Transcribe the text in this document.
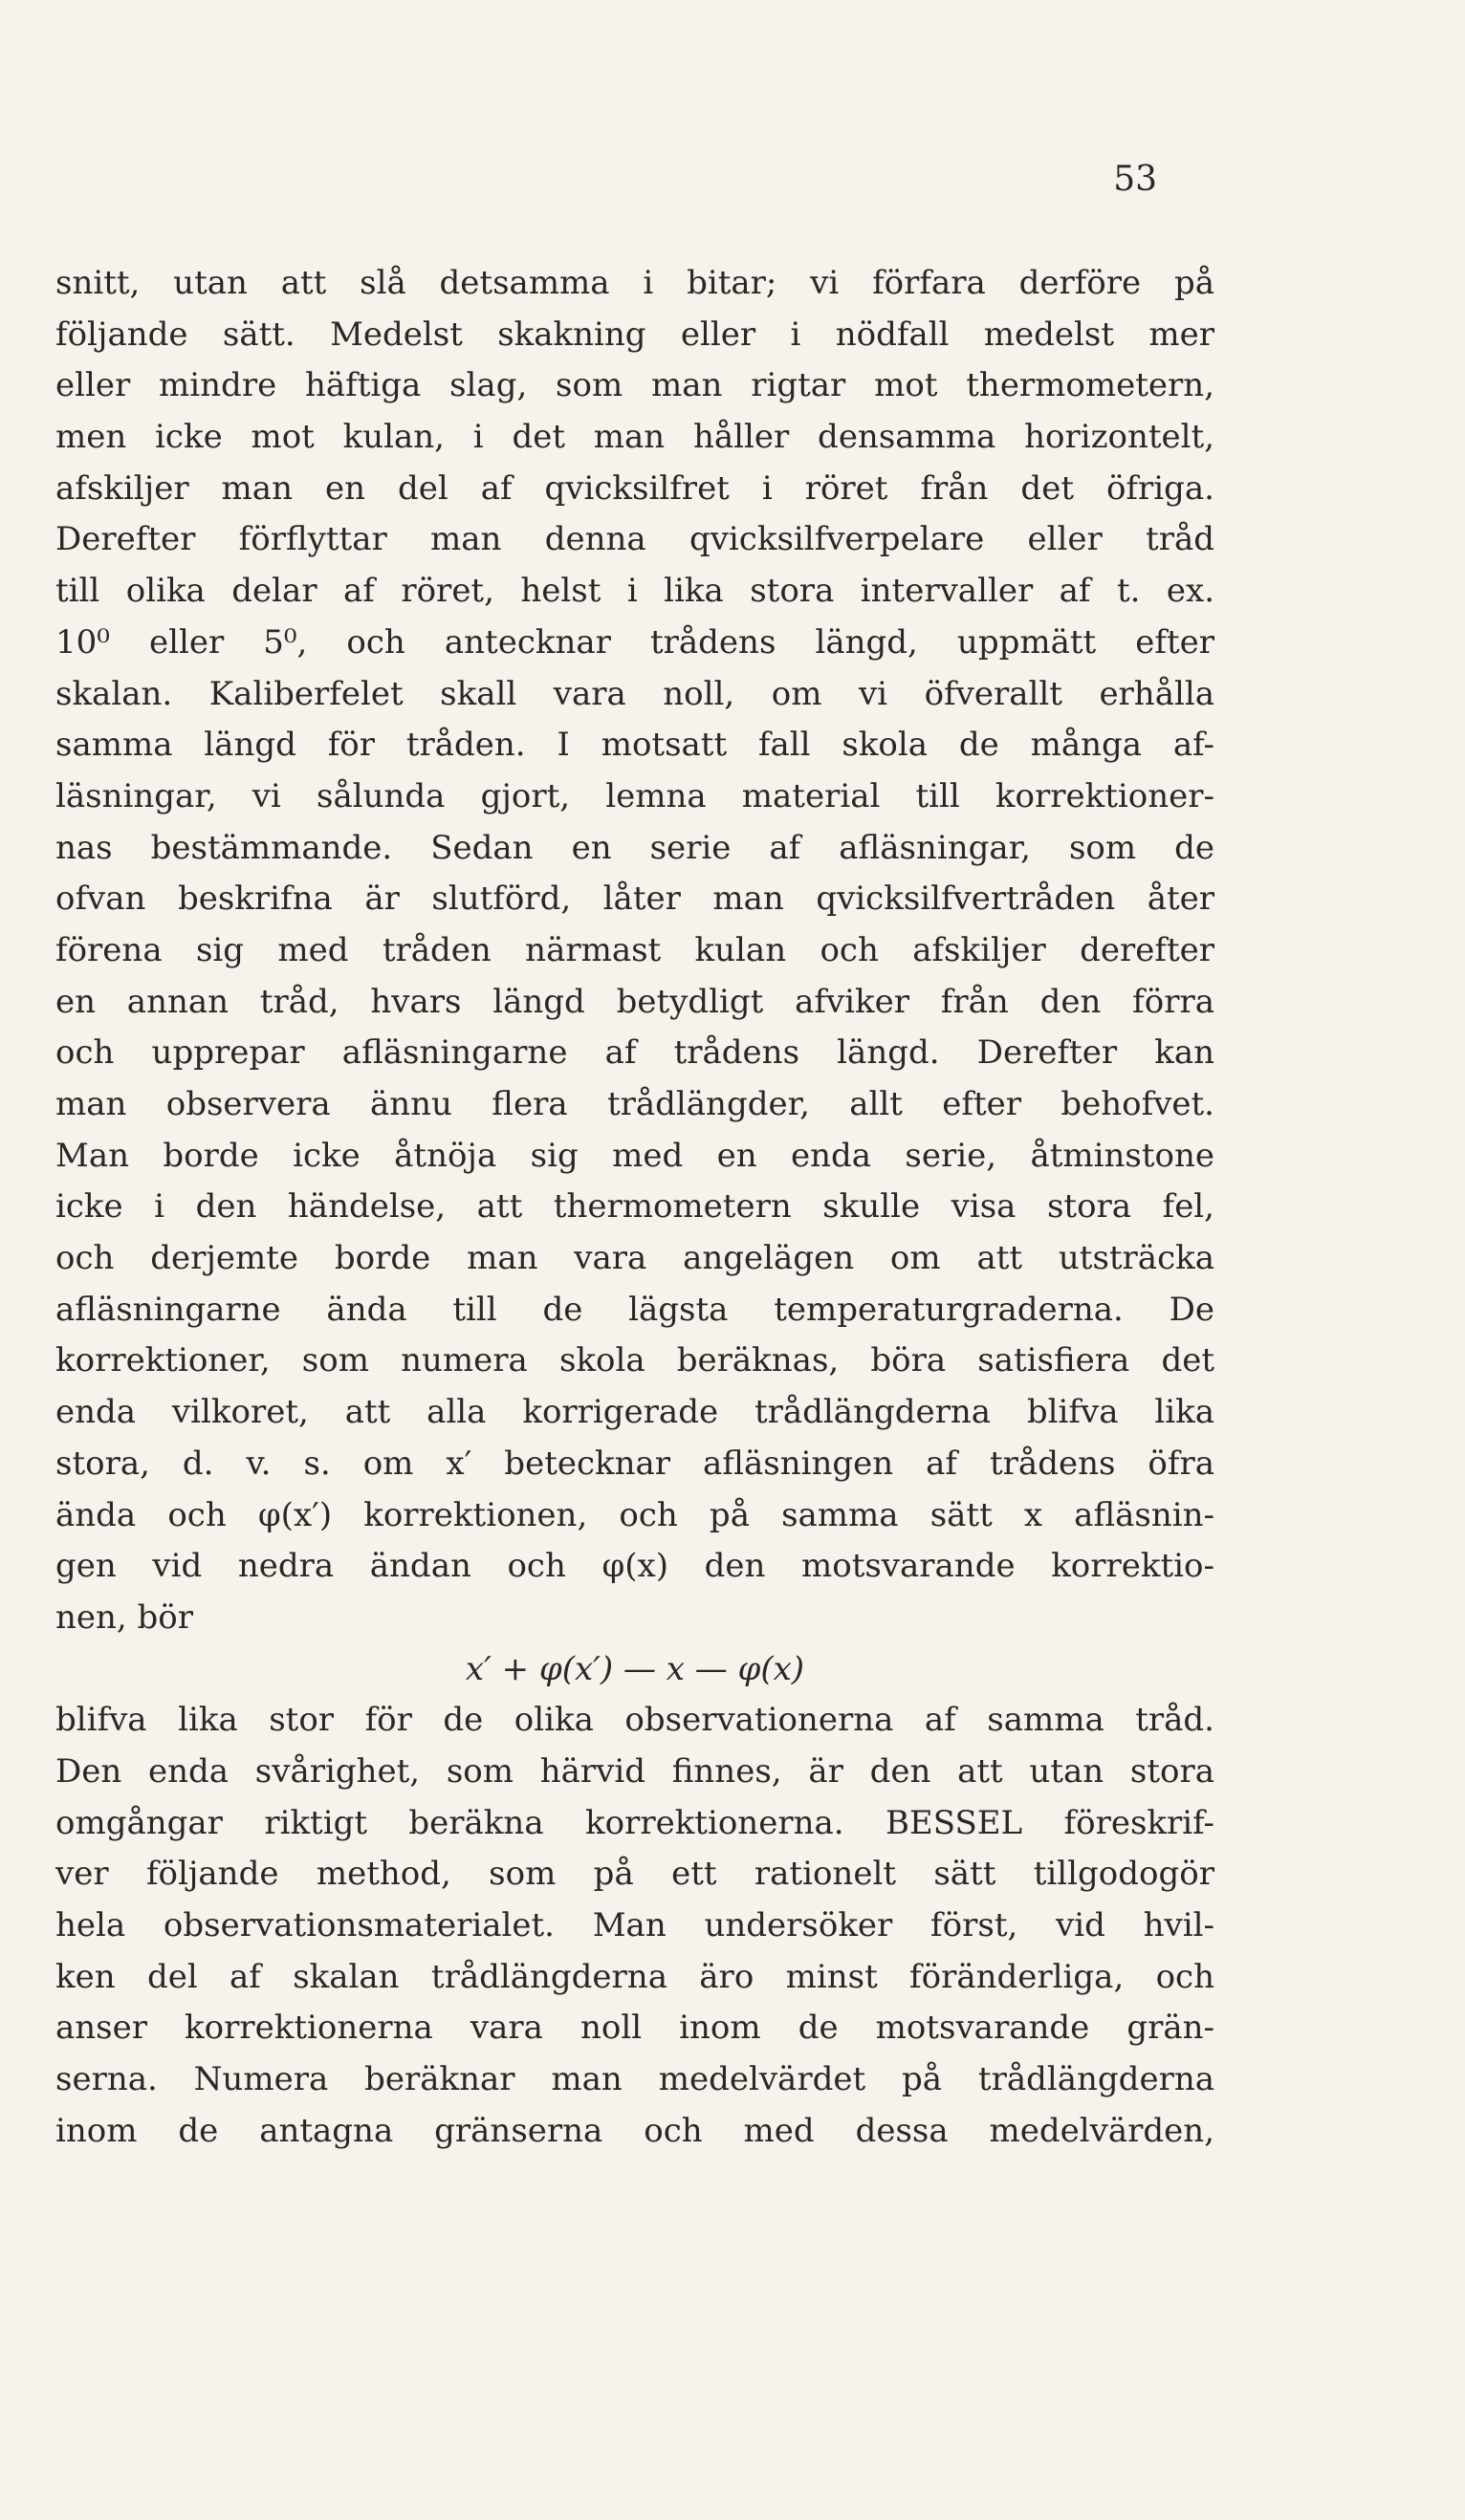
53
snitt, utan att slå detsamma i bitar; vi förfara derföre på
följande sätt. Medelst skakning eller i nödfall medelst mer
eller mindre häftiga slag, som man rigtar mot thermometern,
men icke mot kulan, i det man håller densamma horizontelt,
afskiljer man en del af qvicksilfret i röret från det öfriga.
Derefter förflyttar man denna qvicksilfverpelare eller tråd
till olika delar af röret, helst i lika stora intervaller af t. ex.
10⁰ eller 5⁰, och antecknar trådens längd, uppmätt efter
skalan. Kaliberfelet skall vara noll, om vi öfverallt erhålla
samma längd för tråden. I motsatt fall skola de många af-
läsningar, vi sålunda gjort, lemna material till korrektioner-
nas bestämmande. Sedan en serie af afläsningar, som de
ofvan beskrifna är slutförd, låter man qvicksilfvertråden åter
förena sig med tråden närmast kulan och afskiljer derefter
en annan tråd, hvars längd betydligt afviker från den förra
och upprepar afläsningarne af trådens längd. Derefter kan
man observera ännu flera trådlängder, allt efter behofvet.
Man borde icke åtnöja sig med en enda serie, åtminstone
icke i den händelse, att thermometern skulle visa stora fel,
och derjemte borde man vara angelägen om att utsträcka
afläsningarne ända till de lägsta temperaturgraderna. De
korrektioner, som numera skola beräknas, böra satisfiera det
enda vilkoret, att alla korrigerade trådlängderna blifva lika
stora, d. v. s. om x′ betecknar afläsningen af trådens öfra
ända och φ(x′) korrektionen, och på samma sätt x afläsnin-
gen vid nedra ändan och φ(x) den motsvarande korrektio-
nen, bör
x′ + φ(x′) — x — φ(x)
blifva lika stor för de olika observationerna af samma tråd.
Den enda svårighet, som härvid finnes, är den att utan stora
omgångar riktigt beräkna korrektionerna. BESSEL föreskrif-
ver följande method, som på ett rationelt sätt tillgodogör
hela observationsmaterialet. Man undersöker först, vid hvil-
ken del af skalan trådlängderna äro minst föränderliga, och
anser korrektionerna vara noll inom de motsvarande grän-
serna. Numera beräknar man medelvärdet på trådlängderna
inom de antagna gränserna och med dessa medelvärden,
